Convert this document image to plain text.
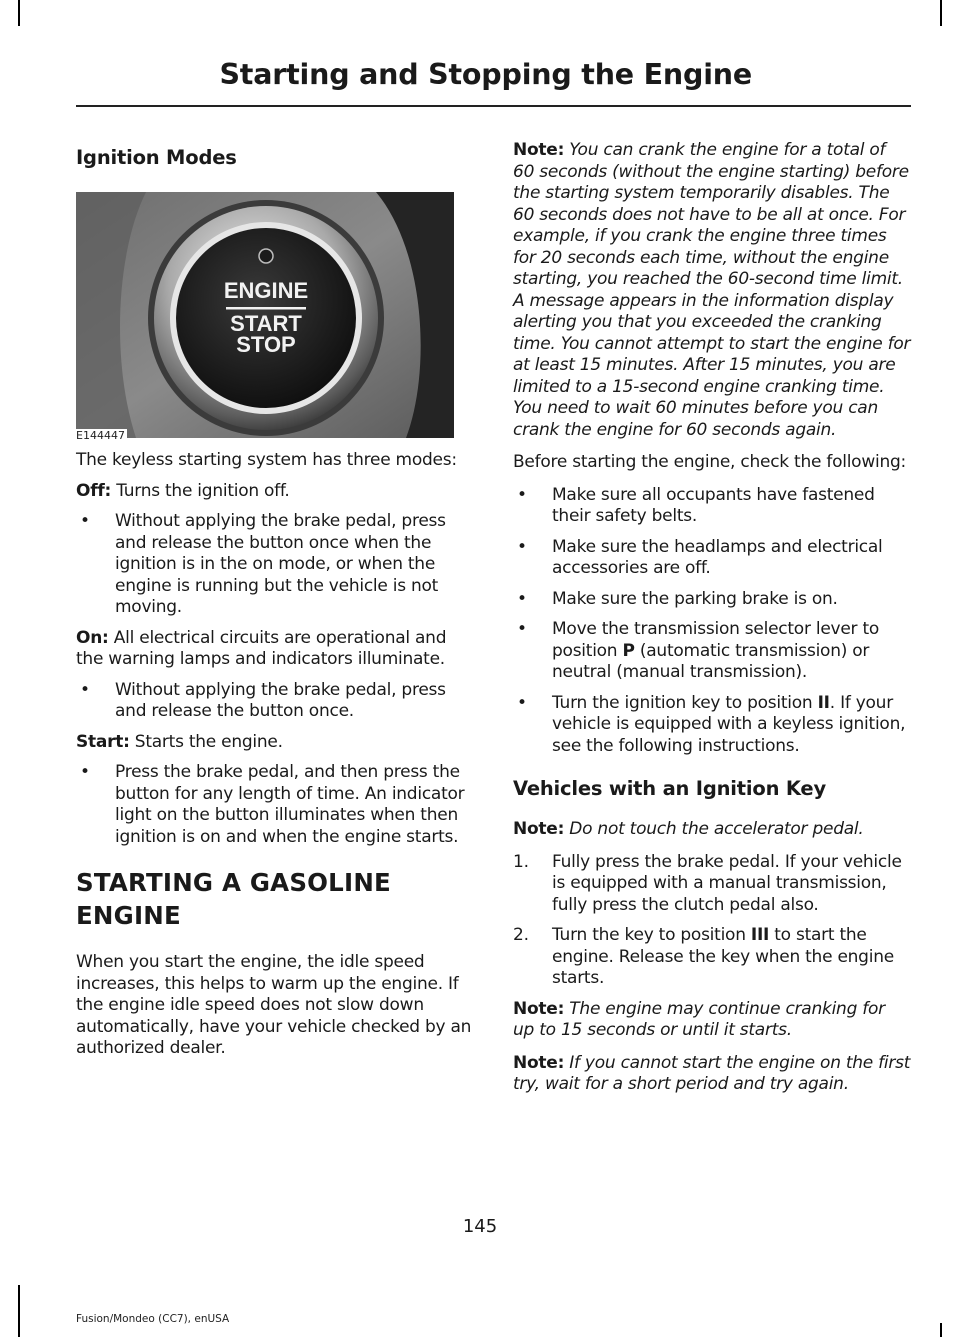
Starting and Stopping the Engine
Ignition Modes
ENGINE
START
STOP
E144447

The keyless starting system has three modes:

Off: Turns the ignition off.

• Without applying the brake pedal, press and release the button once when the ignition is in the on mode, or when the engine is running but the vehicle is not moving.

On: All electrical circuits are operational and the warning lamps and indicators illuminate.

• Without applying the brake pedal, press and release the button once.

Start: Starts the engine.

• Press the brake pedal, and then press the button for any length of time. An indicator light on the button illuminates when then ignition is on and when the engine starts.
STARTING A GASOLINE
ENGINE

When you start the engine, the idle speed increases, this helps to warm up the engine. If the engine idle speed does not slow down automatically, have your vehicle checked by an authorized dealer.

Note: You can crank the engine for a total of 60 seconds (without the engine starting) before the starting system temporarily disables. The 60 seconds does not have to be all at once. For example, if you crank the engine three times for 20 seconds each time, without the engine starting, you reached the 60-second time limit. A message appears in the information display alerting you that you exceeded the cranking time. You cannot attempt to start the engine for at least 15 minutes. After 15 minutes, you are limited to a 15-second engine cranking time. You need to wait 60 minutes before you can crank the engine for 60 seconds again.

Before starting the engine, check the following:

• Make sure all occupants have fastened their safety belts.
• Make sure the headlamps and electrical accessories are off.
• Make sure the parking brake is on.
• Move the transmission selector lever to position P (automatic transmission) or neutral (manual transmission).
• Turn the ignition key to position II. If your vehicle is equipped with a keyless ignition, see the following instructions.
Vehicles with an Ignition Key

Note: Do not touch the accelerator pedal.

1. Fully press the brake pedal. If your vehicle is equipped with a manual transmission, fully press the clutch pedal also.
2. Turn the key to position III to start the engine. Release the key when the engine starts.

Note: The engine may continue cranking for up to 15 seconds or until it starts.

Note: If you cannot start the engine on the first try, wait for a short period and try again.

145
Fusion/Mondeo (CC7), enUSA
